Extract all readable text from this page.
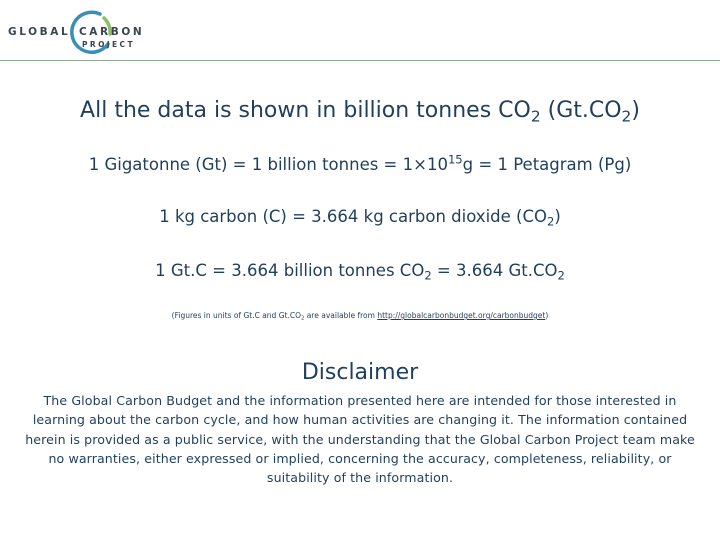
GLOBAL CARBON
PROJECT
All the data is shown in billion tonnes $CO_2$ $(Gt.CO_2)$
1 Gigatonne (Gt) = 1 billion tonnes = $1\times 10^{15}g = 1$ Petagram (Pg)
1 kg carbon (C) = 3.664 kg carbon dioxide $(CO_2)$
1 Gt.C = 3.664 billion tonnes $CO_2 = 3.664$ $Gt.CO_2$
(Figures in units of Gt.C and $Gt.CO_2$ are available from http://globalcarbonbudget.org/carbonbudget)
Disclaimer
The Global Carbon Budget and the information presented here are intended for those interested in learning about the carbon cycle, and how human activities are changing it. The information contained herein is provided as a public service, with the understanding that the Global Carbon Project team make no warranties, either expressed or implied, concerning the accuracy, completeness, reliability, or suitability of the information.
